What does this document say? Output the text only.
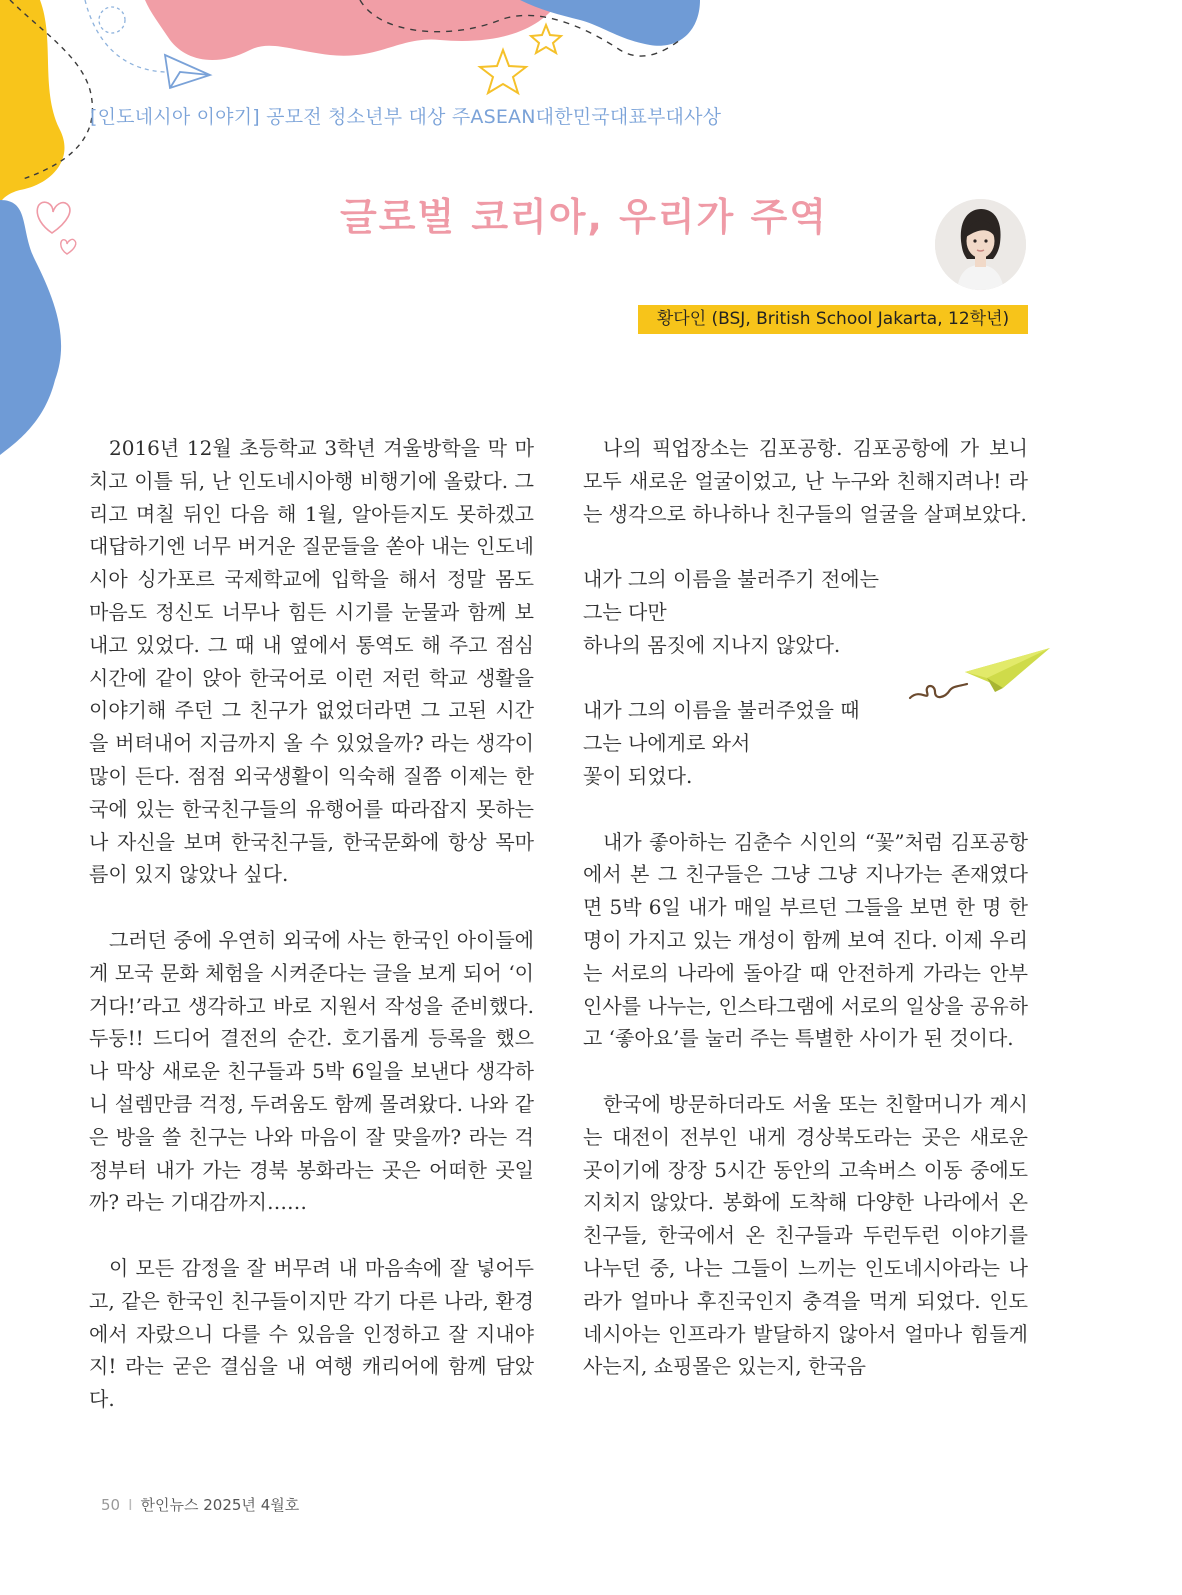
[인도네시아 이야기] 공모전 청소년부 대상 주ASEAN대한민국대표부대사상
글로벌 코리아, 우리가 주역
황다인 (BSJ, British School Jakarta, 12학년)

2016년 12월 초등학교 3학년 겨울방학을 막 마치고 이틀 뒤, 난 인도네시아행 비행기에 올랐다. 그리고 며칠 뒤인 다음 해 1월, 알아듣지도 못하겠고 대답하기엔 너무 버거운 질문들을 쏟아 내는 인도네시아 싱가포르 국제학교에 입학을 해서 정말 몸도 마음도 정신도 너무나 힘든 시기를 눈물과 함께 보내고 있었다. 그 때 내 옆에서 통역도 해 주고 점심시간에 같이 앉아 한국어로 이런 저런 학교 생활을 이야기해 주던 그 친구가 없었더라면 그 고된 시간을 버텨내어 지금까지 올 수 있었을까? 라는 생각이 많이 든다. 점점 외국생활이 익숙해 질쯤 이제는 한국에 있는 한국친구들의 유행어를 따라잡지 못하는 나 자신을 보며 한국친구들, 한국문화에 항상 목마름이 있지 않았나 싶다.

그러던 중에 우연히 외국에 사는 한국인 아이들에게 모국 문화 체험을 시켜준다는 글을 보게 되어 ‘이거다!’라고 생각하고 바로 지원서 작성을 준비했다. 두둥!! 드디어 결전의 순간. 호기롭게 등록을 했으나 막상 새로운 친구들과 5박 6일을 보낸다 생각하니 설렘만큼 걱정, 두려움도 함께 몰려왔다. 나와 같은 방을 쓸 친구는 나와 마음이 잘 맞을까? 라는 걱정부터 내가 가는 경북 봉화라는 곳은 어떠한 곳일까? 라는 기대감까지……

이 모든 감정을 잘 버무려 내 마음속에 잘 넣어두고, 같은 한국인 친구들이지만 각기 다른 나라, 환경에서 자랐으니 다를 수 있음을 인정하고 잘 지내야지! 라는 굳은 결심을 내 여행 캐리어에 함께 담았다.

나의 픽업장소는 김포공항. 김포공항에 가 보니 모두 새로운 얼굴이었고, 난 누구와 친해지려나! 라는 생각으로 하나하나 친구들의 얼굴을 살펴보았다.

내가 그의 이름을 불러주기 전에는
그는 다만
하나의 몸짓에 지나지 않았다.

내가 그의 이름을 불러주었을 때
그는 나에게로 와서
꽃이 되었다.

내가 좋아하는 김춘수 시인의 “꽃”처럼 김포공항에서 본 그 친구들은 그냥 그냥 지나가는 존재였다면 5박 6일 내가 매일 부르던 그들을 보면 한 명 한 명이 가지고 있는 개성이 함께 보여 진다. 이제 우리는 서로의 나라에 돌아갈 때 안전하게 가라는 안부인사를 나누는, 인스타그램에 서로의 일상을 공유하고 ‘좋아요’를 눌러 주는 특별한 사이가 된 것이다.

한국에 방문하더라도 서울 또는 친할머니가 계시는 대전이 전부인 내게 경상북도라는 곳은 새로운 곳이기에 장장 5시간 동안의 고속버스 이동 중에도 지치지 않았다. 봉화에 도착해 다양한 나라에서 온 친구들, 한국에서 온 친구들과 두런두런 이야기를 나누던 중, 나는 그들이 느끼는 인도네시아라는 나라가 얼마나 후진국인지 충격을 먹게 되었다. 인도네시아는 인프라가 발달하지 않아서 얼마나 힘들게 사는지, 쇼핑몰은 있는지, 한국음

50 I 한인뉴스 2025년 4월호
